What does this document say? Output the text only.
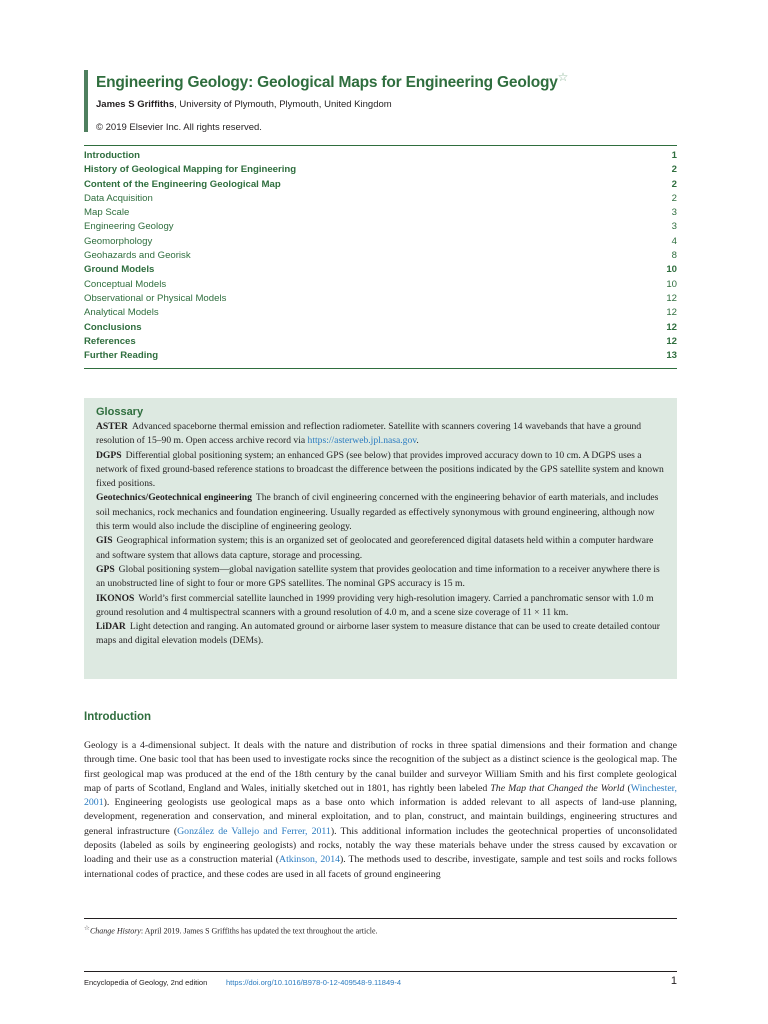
Engineering Geology: Geological Maps for Engineering Geology☆
James S Griffiths, University of Plymouth, Plymouth, United Kingdom
© 2019 Elsevier Inc. All rights reserved.
Introduction	1
History of Geological Mapping for Engineering	2
Content of the Engineering Geological Map	2
Data Acquisition	2
Map Scale	3
Engineering Geology	3
Geomorphology	4
Geohazards and Georisk	8
Ground Models	10
Conceptual Models	10
Observational or Physical Models	12
Analytical Models	12
Conclusions	12
References	12
Further Reading	13
Glossary
ASTER Advanced spaceborne thermal emission and reflection radiometer. Satellite with scanners covering 14 wavebands that have a ground resolution of 15–90 m. Open access archive record via https://asterweb.jpl.nasa.gov.
DGPS Differential global positioning system; an enhanced GPS (see below) that provides improved accuracy down to 10 cm. A DGPS uses a network of fixed ground-based reference stations to broadcast the difference between the positions indicated by the GPS satellite system and known fixed positions.
Geotechnics/Geotechnical engineering The branch of civil engineering concerned with the engineering behavior of earth materials, and includes soil mechanics, rock mechanics and foundation engineering. Usually regarded as effectively synonymous with ground engineering, although now this term would also include the discipline of engineering geology.
GIS Geographical information system; this is an organized set of geolocated and georeferenced digital datasets held within a computer hardware and software system that allows data capture, storage and processing.
GPS Global positioning system—global navigation satellite system that provides geolocation and time information to a receiver anywhere there is an unobstructed line of sight to four or more GPS satellites. The nominal GPS accuracy is 15 m.
IKONOS World’s first commercial satellite launched in 1999 providing very high-resolution imagery. Carried a panchromatic sensor with 1.0 m ground resolution and 4 multispectral scanners with a ground resolution of 4.0 m, and a scene size coverage of 11 × 11 km.
LiDAR Light detection and ranging. An automated ground or airborne laser system to measure distance that can be used to create detailed contour maps and digital elevation models (DEMs).
Introduction
Geology is a 4-dimensional subject. It deals with the nature and distribution of rocks in three spatial dimensions and their formation and change through time. One basic tool that has been used to investigate rocks since the recognition of the subject as a distinct science is the geological map. The first geological map was produced at the end of the 18th century by the canal builder and surveyor William Smith and his first complete geological map of parts of Scotland, England and Wales, initially sketched out in 1801, has rightly been labeled The Map that Changed the World (Winchester, 2001). Engineering geologists use geological maps as a base onto which information is added relevant to all aspects of land-use planning, development, regeneration and conservation, and mineral exploitation, and to plan, construct, and maintain buildings, engineering structures and general infrastructure (González de Vallejo and Ferrer, 2011). This additional information includes the geotechnical properties of unconsolidated deposits (labeled as soils by engineering geologists) and rocks, notably the way these materials behave under the stress caused by excavation or loading and their use as a construction material (Atkinson, 2014). The methods used to describe, investigate, sample and test soils and rocks follows international codes of practice, and these codes are used in all facets of ground engineering
☆Change History: April 2019. James S Griffiths has updated the text throughout the article.
Encyclopedia of Geology, 2nd edition https://doi.org/10.1016/B978-0-12-409548-9.11849-4	1
